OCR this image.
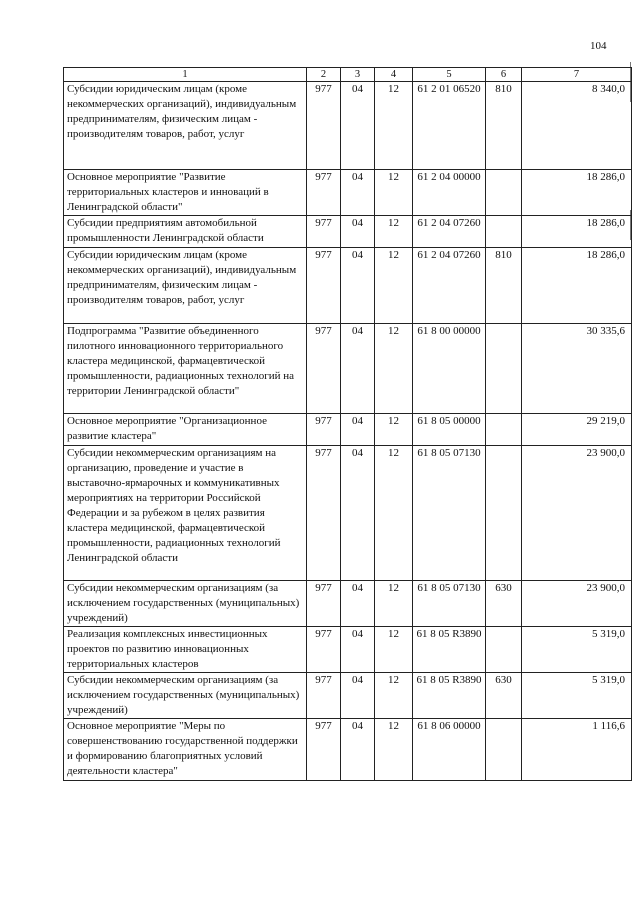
104
1	2	3	4	5	6	7
Субсидии юридическим лицам (кроме некоммерческих организаций), индивидуальным предпринимателям, физическим лицам - производителям товаров, работ, услуг	977	04	12	61 2 01 06520	810	8 340,0
Основное мероприятие "Развитие территориальных кластеров и инноваций в Ленинградской области"	977	04	12	61 2 04 00000		18 286,0
Субсидии предприятиям автомобильной промышленности Ленинградской области	977	04	12	61 2 04 07260		18 286,0
Субсидии юридическим лицам (кроме некоммерческих организаций), индивидуальным предпринимателям, физическим лицам - производителям товаров, работ, услуг	977	04	12	61 2 04 07260	810	18 286,0
Подпрограмма "Развитие объединенного пилотного инновационного территориального кластера медицинской, фармацевтической промышленности, радиационных технологий на территории Ленинградской области"	977	04	12	61 8 00 00000		30 335,6
Основное мероприятие "Организационное развитие кластера"	977	04	12	61 8 05 00000		29 219,0
Субсидии некоммерческим организациям на организацию, проведение и участие в выставочно-ярмарочных и коммуникативных мероприятиях на территории Российской Федерации и за рубежом в целях развития кластера медицинской, фармацевтической промышленности, радиационных технологий Ленинградской области	977	04	12	61 8 05 07130		23 900,0
Субсидии некоммерческим организациям (за исключением государственных (муниципальных) учреждений)	977	04	12	61 8 05 07130	630	23 900,0
Реализация комплексных инвестиционных проектов по развитию инновационных территориальных кластеров	977	04	12	61 8 05 R3890		5 319,0
Субсидии некоммерческим организациям (за исключением государственных (муниципальных) учреждений)	977	04	12	61 8 05 R3890	630	5 319,0
Основное мероприятие "Меры по совершенствованию государственной поддержки и формированию благоприятных условий деятельности кластера"	977	04	12	61 8 06 00000		1 116,6
